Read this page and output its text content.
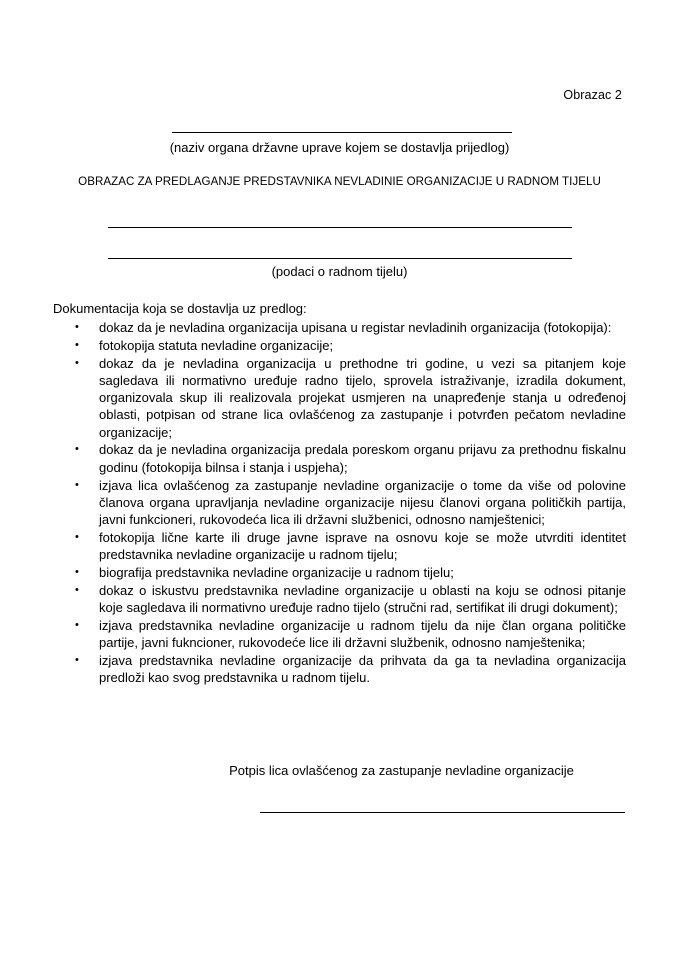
Obrazac 2
(naziv organa državne uprave kojem se dostavlja prijedlog)
OBRAZAC ZA PREDLAGANJE PREDSTAVNIKA NEVLADINIE ORGANIZACIJE U RADNOM TIJELU
(podaci o radnom tijelu)
Dokumentacija koja se dostavlja uz predlog:
• dokaz da je nevladina organizacija upisana u registar nevladinih organizacija (fotokopija):
• fotokopija statuta nevladine organizacije;
• dokaz da je nevladina organizacija u prethodne tri godine, u vezi sa pitanjem koje sagledava ili normativno uređuje radno tijelo, sprovela istraživanje, izradila dokument, organizovala skup ili realizovala projekat usmjeren na unapređenje stanja u određenoj oblasti, potpisan od strane lica ovlašćenog za zastupanje i potvrđen pečatom nevladine organizacije;
• dokaz da je nevladina organizacija predala poreskom organu prijavu za prethodnu fiskalnu godinu (fotokopija bilnsa i stanja i uspjeha);
• izjava lica ovlašćenog za zastupanje nevladine organizacije o tome da više od polovine članova organa upravljanja nevladine organizacije nijesu članovi organa političkih partija, javni funkcioneri, rukovodeća lica ili državni službenici, odnosno namještenici;
• fotokopija lične karte ili druge javne isprave na osnovu koje se može utvrditi identitet predstavnika nevladine organizacije u radnom tijelu;
• biografija predstavnika nevladine organizacije u radnom tijelu;
• dokaz o iskustvu predstavnika nevladine organizacije u oblasti na koju se odnosi pitanje koje sagledava ili normativno uređuje radno tijelo (stručni rad, sertifikat ili drugi dokument);
• izjava predstavnika nevladine organizacije u radnom tijelu da nije član organa političke partije, javni fukncioner, rukovodeće lice ili državni službenik, odnosno namještenika;
• izjava predstavnika nevladine organizacije da prihvata da ga ta nevladina organizacija predloži kao svog predstavnika u radnom tijelu.
Potpis lica ovlašćenog za zastupanje nevladine organizacije
